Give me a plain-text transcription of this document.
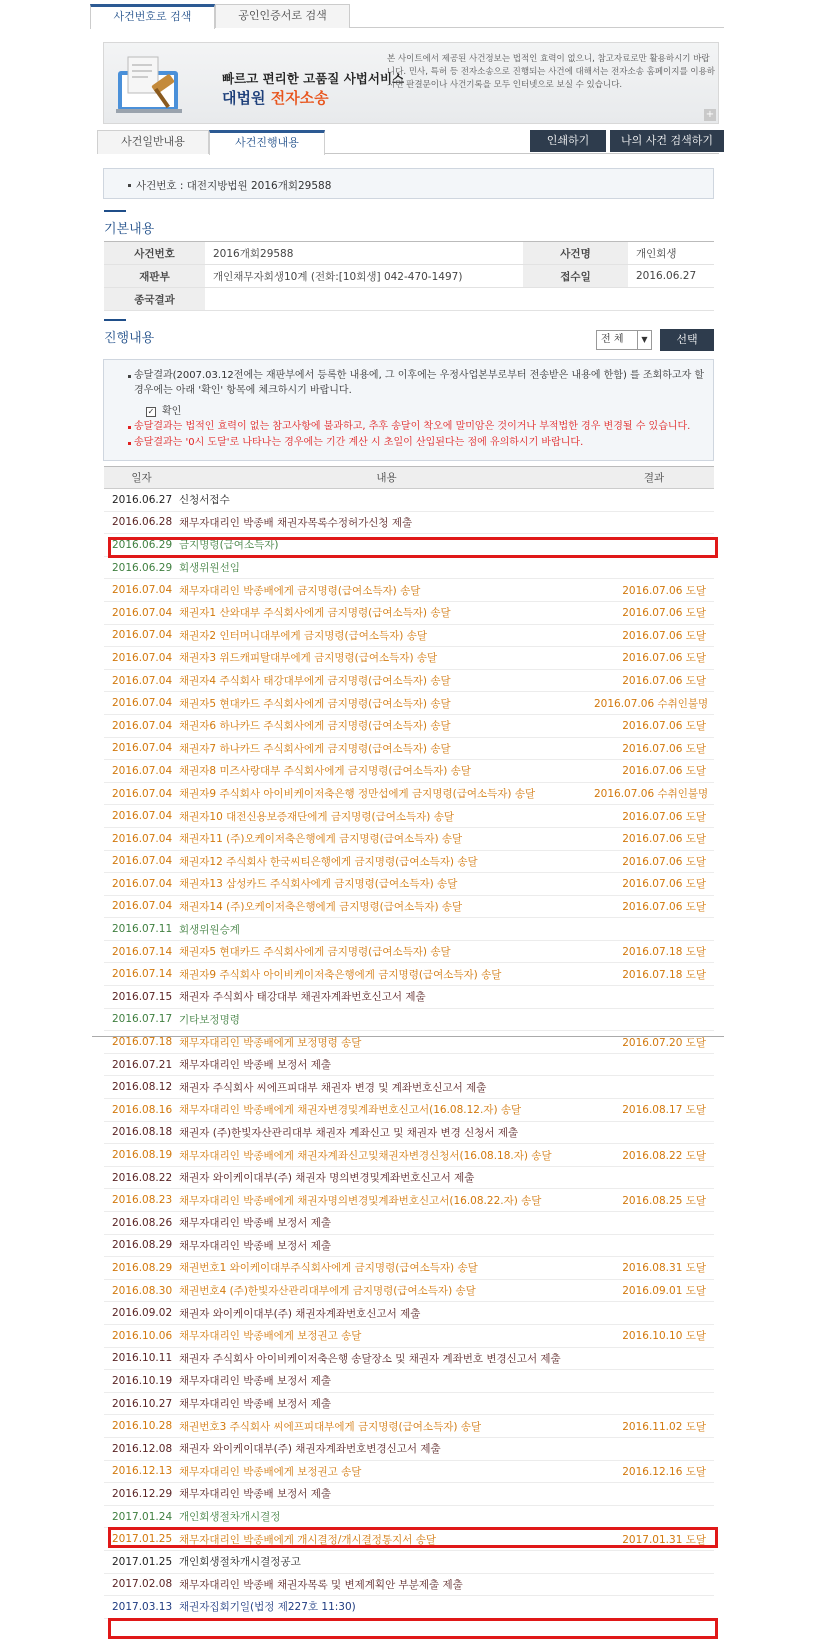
사건번호로 검색	공인인증서로 검색
빠르고 편리한 고품질 사법서비스
대법원 전자소송
본 사이트에서 제공된 사건정보는 법적인 효력이 없으니, 참고자료로만 활용하시기 바랍니다. 민사, 특허 등 전자소송으로 진행되는 사건에 대해서는 전자소송 홈페이지를 이용하시면 판결문이나 사건기록을 모두 인터넷으로 보실 수 있습니다.
+
사건일반내용	사건진행내용	인쇄하기	나의 사건 검색하기
사건번호 : 대전지방법원 2016개회29588
기본내용
사건번호	2016개회29588	사건명	개인회생
재판부	개인채무자회생10계 (전화:[10회생] 042-470-1497)	접수일	2016.06.27
종국결과			
진행내용	전 체	▼	선택
송달결과(2007.03.12전에는 재판부에서 등록한 내용에, 그 이후에는 우정사업본부로부터 전송받은 내용에 한함) 를 조회하고자 할
경우에는 아래 '확인' 항목에 체크하시기 바랍니다.
✓ 확인
송달결과는 법적인 효력이 없는 참고사항에 불과하고, 추후 송달이 착오에 말미암은 것이거나 부적법한 경우 변경될 수 있습니다.
송달결과는 '0시 도달'로 나타나는 경우에는 기간 계산 시 초일이 산입된다는 점에 유의하시기 바랍니다.
일자	내용	결과
2016.06.27	신청서접수	
2016.06.28	채무자대리인 박종배 채권자목록수정허가신청 제출	
2016.06.29	금지명령(급여소득자)	
2016.06.29	회생위원선임	
2016.07.04	채무자대리인 박종배에게 금지명령(급여소득자) 송달	2016.07.06 도달
2016.07.04	채권자1 산와대부 주식회사에게 금지명령(급여소득자) 송달	2016.07.06 도달
2016.07.04	채권자2 인터머니대부에게 금지명령(급여소득자) 송달	2016.07.06 도달
2016.07.04	채권자3 위드캐피탈대부에게 금지명령(급여소득자) 송달	2016.07.06 도달
2016.07.04	채권자4 주식회사 태강대부에게 금지명령(급여소득자) 송달	2016.07.06 도달
2016.07.04	채권자5 현대카드 주식회사에게 금지명령(급여소득자) 송달	2016.07.06 수취인불명
2016.07.04	채권자6 하나카드 주식회사에게 금지명령(급여소득자) 송달	2016.07.06 도달
2016.07.04	채권자7 하나카드 주식회사에게 금지명령(급여소득자) 송달	2016.07.06 도달
2016.07.04	채권자8 미즈사랑대부 주식회사에게 금지명령(급여소득자) 송달	2016.07.06 도달
2016.07.04	채권자9 주식회사 아이비케이저축은행 정만섭에게 금지명령(급여소득자) 송달	2016.07.06 수취인불명
2016.07.04	채권자10 대전신용보증재단에게 금지명령(급여소득자) 송달	2016.07.06 도달
2016.07.04	채권자11 (주)오케이저축은행에게 금지명령(급여소득자) 송달	2016.07.06 도달
2016.07.04	채권자12 주식회사 한국씨티은행에게 금지명령(급여소득자) 송달	2016.07.06 도달
2016.07.04	채권자13 삼성카드 주식회사에게 금지명령(급여소득자) 송달	2016.07.06 도달
2016.07.04	채권자14 (주)오케이저축은행에게 금지명령(급여소득자) 송달	2016.07.06 도달
2016.07.11	회생위원승계	
2016.07.14	채권자5 현대카드 주식회사에게 금지명령(급여소득자) 송달	2016.07.18 도달
2016.07.14	채권자9 주식회사 아이비케이저축은행에게 금지명령(급여소득자) 송달	2016.07.18 도달
2016.07.15	채권자 주식회사 태강대부 채권자계좌번호신고서 제출	
2016.07.17	기타보정명령	
2016.07.18	채무자대리인 박종배에게 보정명령 송달	2016.07.20 도달
2016.07.21	채무자대리인 박종배 보정서 제출	
2016.08.12	채권자 주식회사 씨에프피대부 채권자 변경 및 계좌번호신고서 제출	
2016.08.16	채무자대리인 박종배에게 채권자변경및계좌번호신고서(16.08.12.자) 송달	2016.08.17 도달
2016.08.18	채권자 (주)한빛자산관리대부 채권자 계좌신고 및 채권자 변경 신청서 제출	
2016.08.19	채무자대리인 박종배에게 채권자계좌신고및채권자변경신청서(16.08.18.자) 송달	2016.08.22 도달
2016.08.22	채권자 와이케이대부(주) 채권자 명의변경및계좌번호신고서 제출	
2016.08.23	채무자대리인 박종배에게 채권자명의변경및계좌번호신고서(16.08.22.자) 송달	2016.08.25 도달
2016.08.26	채무자대리인 박종배 보정서 제출	
2016.08.29	채무자대리인 박종배 보정서 제출	
2016.08.29	채권번호1 와이케이대부주식회사에게 금지명령(급여소득자) 송달	2016.08.31 도달
2016.08.30	채권번호4 (주)한빛자산관리대부에게 금지명령(급여소득자) 송달	2016.09.01 도달
2016.09.02	채권자 와이케이대부(주) 채권자계좌번호신고서 제출	
2016.10.06	채무자대리인 박종배에게 보정권고 송달	2016.10.10 도달
2016.10.11	채권자 주식회사 아이비케이저축은행 송달장소 및 채권자 계좌번호 변경신고서 제출	
2016.10.19	채무자대리인 박종배 보정서 제출	
2016.10.27	채무자대리인 박종배 보정서 제출	
2016.10.28	채권번호3 주식회사 씨에프피대부에게 금지명령(급여소득자) 송달	2016.11.02 도달
2016.12.08	채권자 와이케이대부(주) 채권자계좌번호변경신고서 제출	
2016.12.13	채무자대리인 박종배에게 보정권고 송달	2016.12.16 도달
2016.12.29	채무자대리인 박종배 보정서 제출	
2017.01.24	개인회생절차개시결정	
2017.01.25	채무자대리인 박종배에게 개시결정/개시결정통지서 송달	2017.01.31 도달
2017.01.25	개인회생절차개시결정공고	
2017.02.08	채무자대리인 박종배 채권자목록 및 변제계획안 부분제출 제출	
2017.03.13	채권자집회기일(법정 제227호 11:30)	
